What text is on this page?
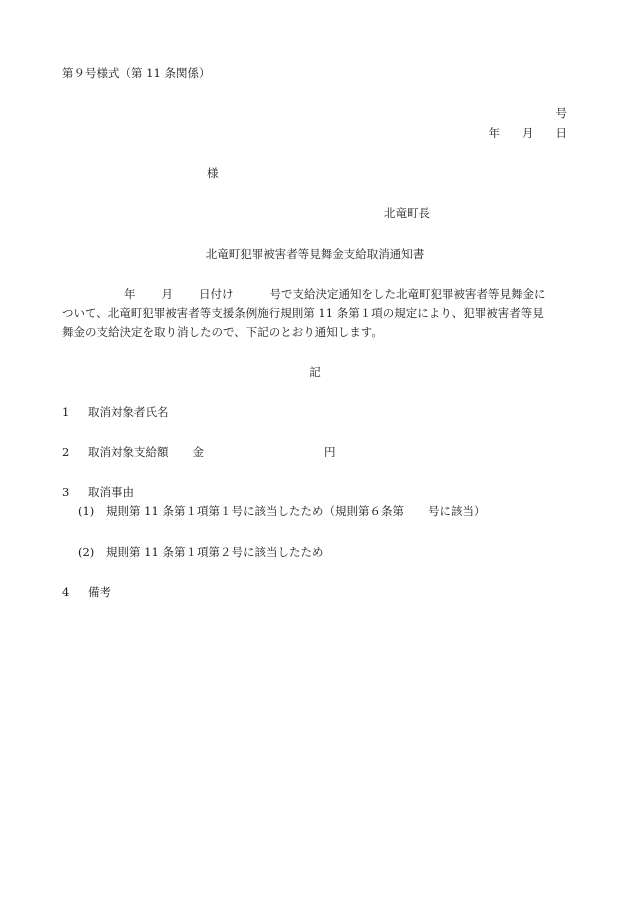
第９号様式（第 11 条関係）
号
年 月 日
様
北竜町長
北竜町犯罪被害者等見舞金支給取消通知書
年 月 日付け	号で支給決定通知をした北竜町犯罪被害者等見舞金に
ついて、北竜町犯罪被害者等支援条例施行規則第 11 条第１項の規定により、犯罪被害者等見
舞金の支給決定を取り消したので、下記のとおり通知します。
記
1 取消対象者氏名
2 取消対象支給額 金	円
3 取消事由
(1) 規則第 11 条第１項第１号に該当したため（規則第６条第 号に該当）
(2) 規則第 11 条第１項第２号に該当したため
4 備考
